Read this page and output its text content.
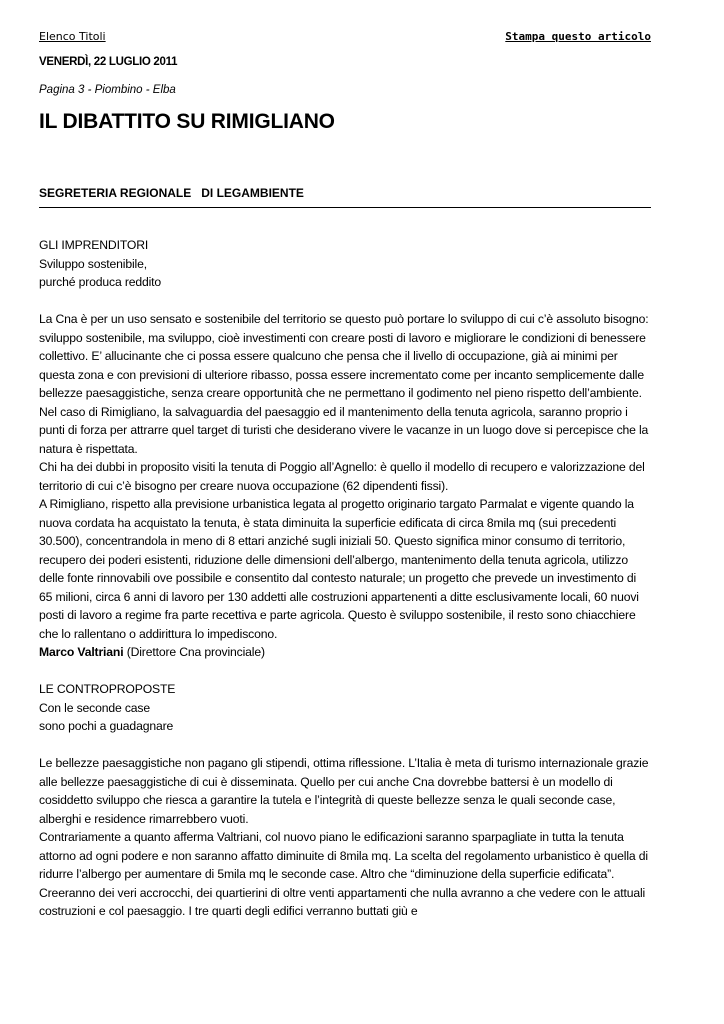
Elenco Titoli	Stampa questo articolo
VENERDÌ, 22 LUGLIO 2011
Pagina 3 - Piombino - Elba
IL DIBATTITO SU RIMIGLIANO
SEGRETERIA REGIONALE   DI LEGAMBIENTE

GLI IMPRENDITORI

Sviluppo sostenibile,

purché produca reddito

La Cna è per un uso sensato e sostenibile del territorio se questo può portare lo sviluppo di cui c’è assoluto bisogno: sviluppo sostenibile, ma sviluppo, cioè investimenti con creare posti di lavoro e migliorare le condizioni di benessere collettivo. E’ allucinante che ci possa essere qualcuno che pensa che il livello di occupazione, già ai minimi per questa zona e con previsioni di ulteriore ribasso, possa essere incrementato come per incanto semplicemente dalle bellezze paesaggistiche, senza creare opportunità che ne permettano il godimento nel pieno rispetto dell’ambiente.

Nel caso di Rimigliano, la salvaguardia del paesaggio ed il mantenimento della tenuta agricola, saranno proprio i punti di forza per attrarre quel target di turisti che desiderano vivere le vacanze in un luogo dove si percepisce che la natura è rispettata.

Chi ha dei dubbi in proposito visiti la tenuta di Poggio all’Agnello: è quello il modello di recupero e valorizzazione del territorio di cui c’è bisogno per creare nuova occupazione (62 dipendenti fissi).

A Rimigliano, rispetto alla previsione urbanistica legata al progetto originario targato Parmalat e vigente quando la nuova cordata ha acquistato la tenuta, è stata diminuita la superficie edificata di circa 8mila mq (sui precedenti 30.500), concentrandola in meno di 8 ettari anziché sugli iniziali 50. Questo significa minor consumo di territorio, recupero dei poderi esistenti, riduzione delle dimensioni dell’albergo, mantenimento della tenuta agricola, utilizzo delle fonte rinnovabili ove possibile e consentito dal contesto naturale; un progetto che prevede un investimento di 65 milioni, circa 6 anni di lavoro per 130 addetti alle costruzioni appartenenti a ditte esclusivamente locali, 60 nuovi posti di lavoro a regime fra parte recettiva e parte agricola. Questo è sviluppo sostenibile, il resto sono chiacchiere che lo rallentano o addirittura lo impediscono.

Marco Valtriani (Direttore Cna provinciale)

LE CONTROPROPOSTE

Con le seconde case

sono pochi a guadagnare

Le bellezze paesaggistiche non pagano gli stipendi, ottima riflessione. L’Italia è meta di turismo internazionale grazie alle bellezze paesaggistiche di cui è disseminata. Quello per cui anche Cna dovrebbe battersi è un modello di cosiddetto sviluppo che riesca a garantire la tutela e l’integrità di queste bellezze senza le quali seconde case, alberghi e residence rimarrebbero vuoti.

Contrariamente a quanto afferma Valtriani, col nuovo piano le edificazioni saranno sparpagliate in tutta la tenuta attorno ad ogni podere e non saranno affatto diminuite di 8mila mq. La scelta del regolamento urbanistico è quella di ridurre l’albergo per aumentare di 5mila mq le seconde case. Altro che “diminuzione della superficie edificata”. Creeranno dei veri accrocchi, dei quartierini di oltre venti appartamenti che nulla avranno a che vedere con le attuali costruzioni e col paesaggio. I tre quarti degli edifici verranno buttati giù e
